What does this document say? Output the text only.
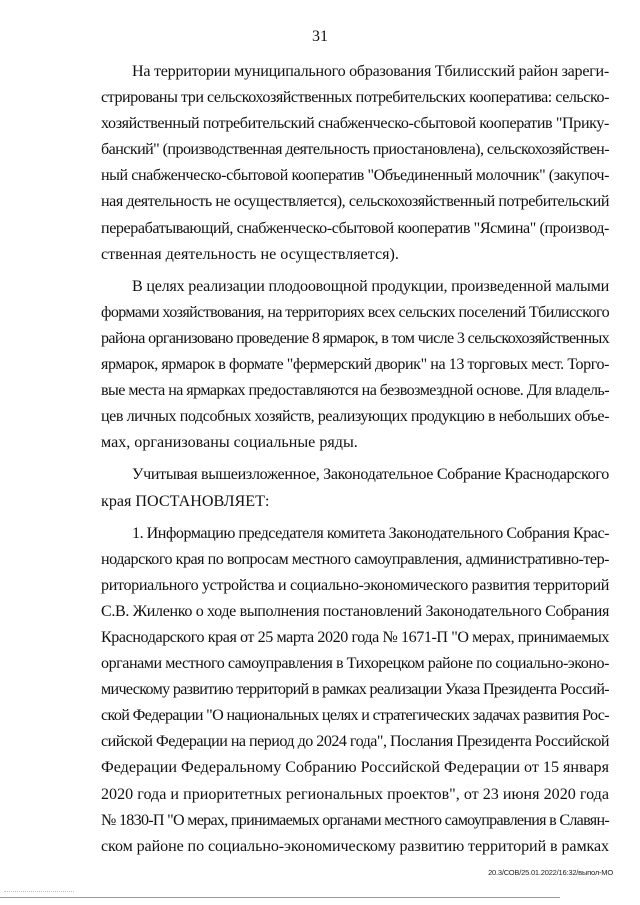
31
На территории муниципального образования Тбилисский район зареги-
стрированы три сельскохозяйственных потребительских кооператива: сельско-
хозяйственный потребительский снабженческо-сбытовой кооператив "Прику-
банский" (производственная деятельность приостановлена), сельскохозяйствен-
ный снабженческо-сбытовой кооператив "Объединенный молочник" (закупоч-
ная деятельность не осуществляется), сельскохозяйственный потребительский
перерабатывающий, снабженческо-сбытовой кооператив "Ясмина" (производ-
ственная деятельность не осуществляется).
В целях реализации плодоовощной продукции, произведенной малыми
формами хозяйствования, на территориях всех сельских поселений Тбилисского
района организовано проведение 8 ярмарок, в том числе 3 сельскохозяйственных
ярмарок, ярмарок в формате "фермерский дворик" на 13 торговых мест. Торго-
вые места на ярмарках предоставляются на безвозмездной основе. Для владель-
цев личных подсобных хозяйств, реализующих продукцию в небольших объе-
мах, организованы социальные ряды.
Учитывая вышеизложенное, Законодательное Собрание Краснодарского
края ПОСТАНОВЛЯЕТ:
1. Информацию председателя комитета Законодательного Собрания Крас-
нодарского края по вопросам местного самоуправления, административно-тер-
риториального устройства и социально-экономического развития территорий
С.В. Жиленко о ходе выполнения постановлений Законодательного Собрания
Краснодарского края от 25 марта 2020 года № 1671-П "О мерах, принимаемых
органами местного самоуправления в Тихорецком районе по социально-эконо-
мическому развитию территорий в рамках реализации Указа Президента Россий-
ской Федерации "О национальных целях и стратегических задачах развития Рос-
сийской Федерации на период до 2024 года", Послания Президента Российской
Федерации Федеральному Собранию Российской Федерации от 15 января
2020 года и приоритетных региональных проектов", от 23 июня 2020 года
№ 1830-П "О мерах, принимаемых органами местного самоуправления в Славян-
ском районе по социально-экономическому развитию территорий в рамках
20.3/СОВ/25.01.2022/16:32/выпол-МО
